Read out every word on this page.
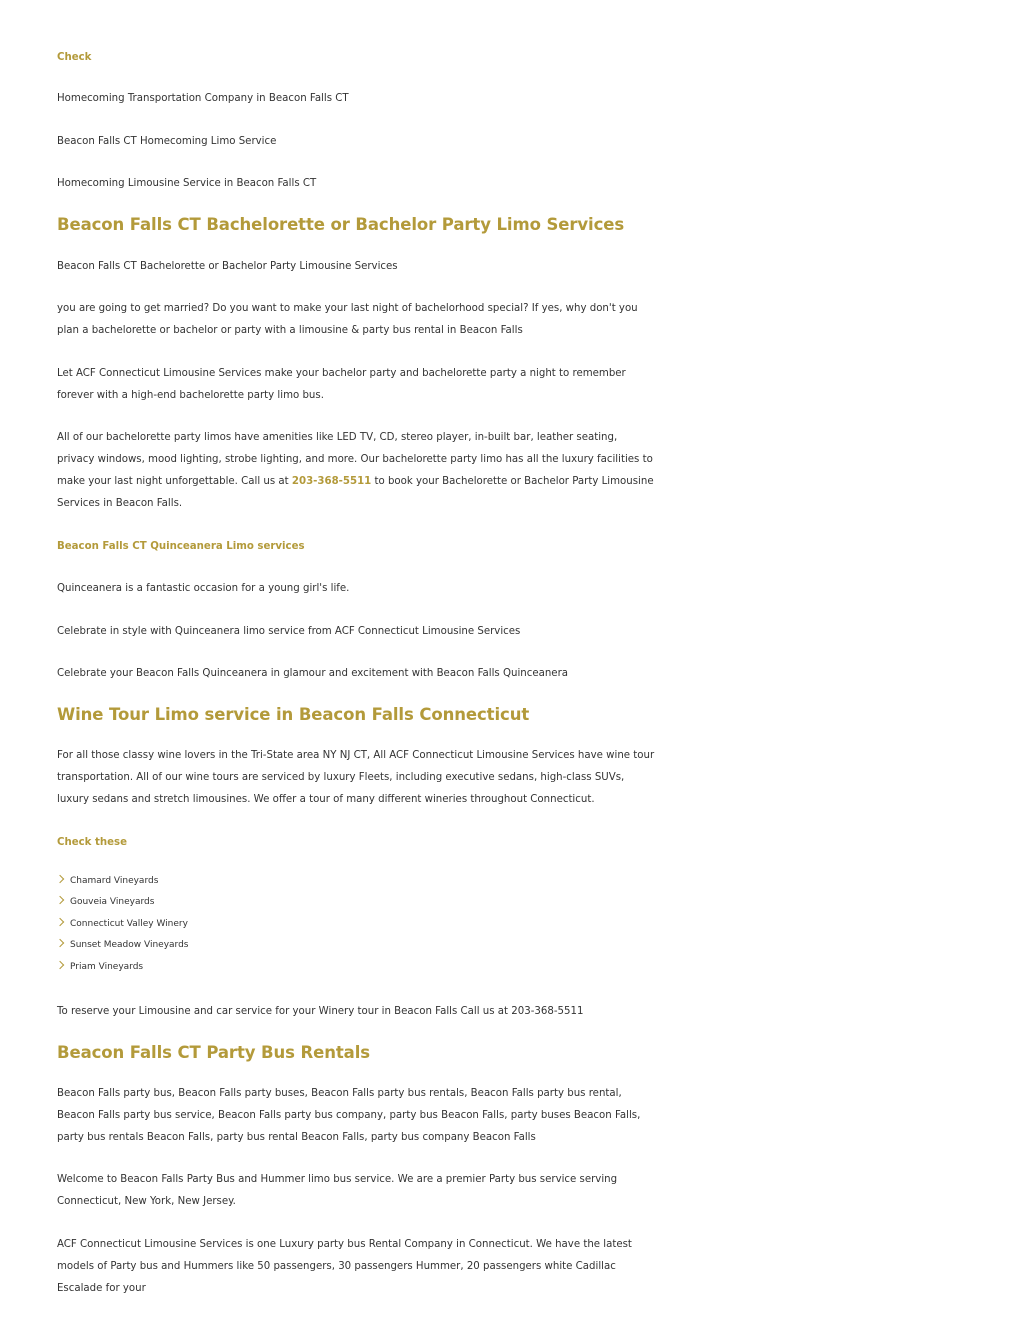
Check

Homecoming Transportation Company in Beacon Falls CT

Beacon Falls CT Homecoming Limo Service

Homecoming Limousine Service in Beacon Falls CT

Beacon Falls CT Bachelorette or Bachelor Party Limo Services

Beacon Falls CT Bachelorette or Bachelor Party Limousine Services

you are going to get married? Do you want to make your last night of bachelorhood special? If yes, why don't you plan a bachelorette or bachelor or party with a limousine & party bus rental in Beacon Falls

Let ACF Connecticut Limousine Services make your bachelor party and bachelorette party a night to remember forever with a high-end bachelorette party limo bus.

All of our bachelorette party limos have amenities like LED TV, CD, stereo player, in-built bar, leather seating, privacy windows, mood lighting, strobe lighting, and more. Our bachelorette party limo has all the luxury facilities to make your last night unforgettable. Call us at 203-368-5511 to book your Bachelorette or Bachelor Party Limousine Services in Beacon Falls.

Beacon Falls CT Quinceanera Limo services

Quinceanera is a fantastic occasion for a young girl's life.

Celebrate in style with Quinceanera limo service from ACF Connecticut Limousine Services

Celebrate your Beacon Falls Quinceanera in glamour and excitement with Beacon Falls Quinceanera

Wine Tour Limo service in Beacon Falls Connecticut

For all those classy wine lovers in the Tri-State area NY NJ CT, All ACF Connecticut Limousine Services have wine tour transportation. All of our wine tours are serviced by luxury Fleets, including executive sedans, high-class SUVs, luxury sedans and stretch limousines. We offer a tour of many different wineries throughout Connecticut.

Check these
Chamard Vineyards
Gouveia Vineyards
Connecticut Valley Winery
Sunset Meadow Vineyards
Priam Vineyards

To reserve your Limousine and car service for your Winery tour in Beacon Falls Call us at 203-368-5511

Beacon Falls CT Party Bus Rentals

Beacon Falls party bus, Beacon Falls party buses, Beacon Falls party bus rentals, Beacon Falls party bus rental, Beacon Falls party bus service, Beacon Falls party bus company, party bus Beacon Falls, party buses Beacon Falls, party bus rentals Beacon Falls, party bus rental Beacon Falls, party bus company Beacon Falls

Welcome to Beacon Falls Party Bus and Hummer limo bus service. We are a premier Party bus service serving Connecticut, New York, New Jersey.

ACF Connecticut Limousine Services is one Luxury party bus Rental Company in Connecticut. We have the latest models of Party bus and Hummers like 50 passengers, 30 passengers Hummer, 20 passengers white Cadillac Escalade for your
